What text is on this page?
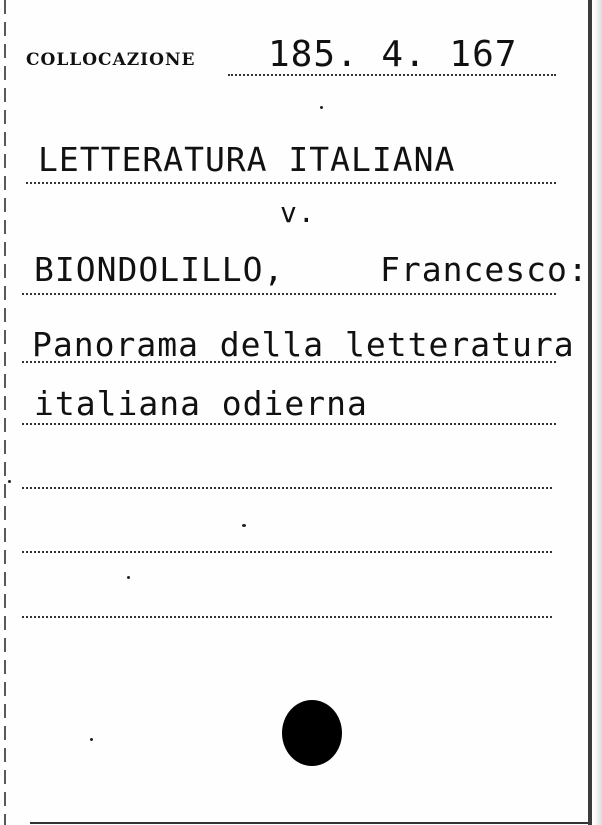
COLLOCAZIONE 185. 4. 167
LETTERATURA ITALIANA
v.
BIONDOLILLO,	Francesco:
Panorama della letteratura
italiana odierna
